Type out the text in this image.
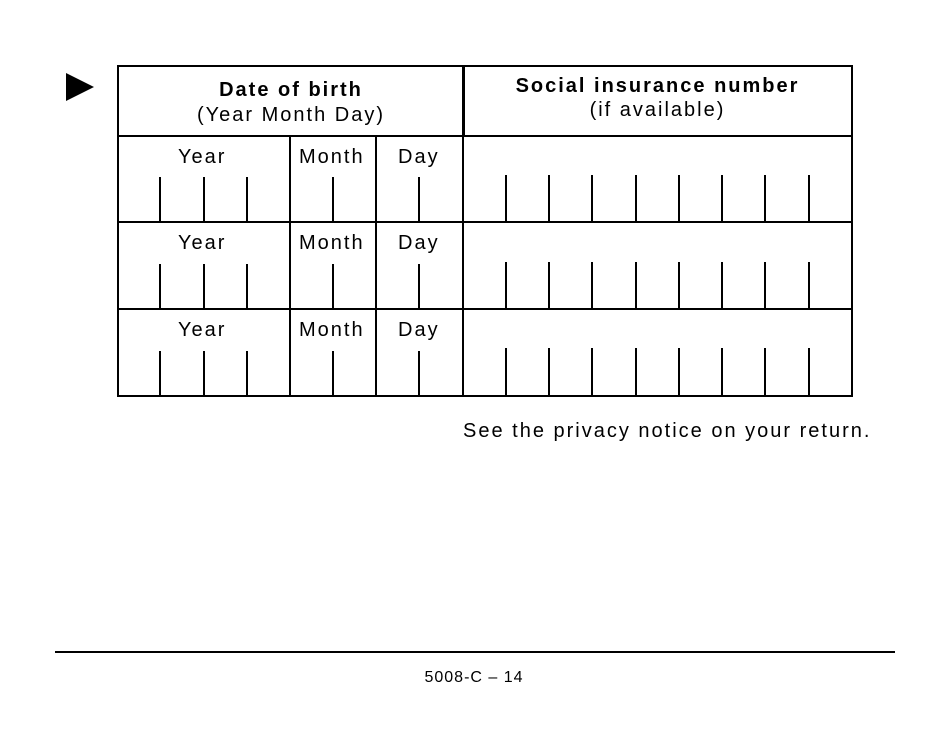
Date of birth
(Year Month Day)
Social insurance number
(if available)
Year	Month Day
Year	Month Day
Year	Month Day
See the privacy notice on your return.
5008-C – 14
